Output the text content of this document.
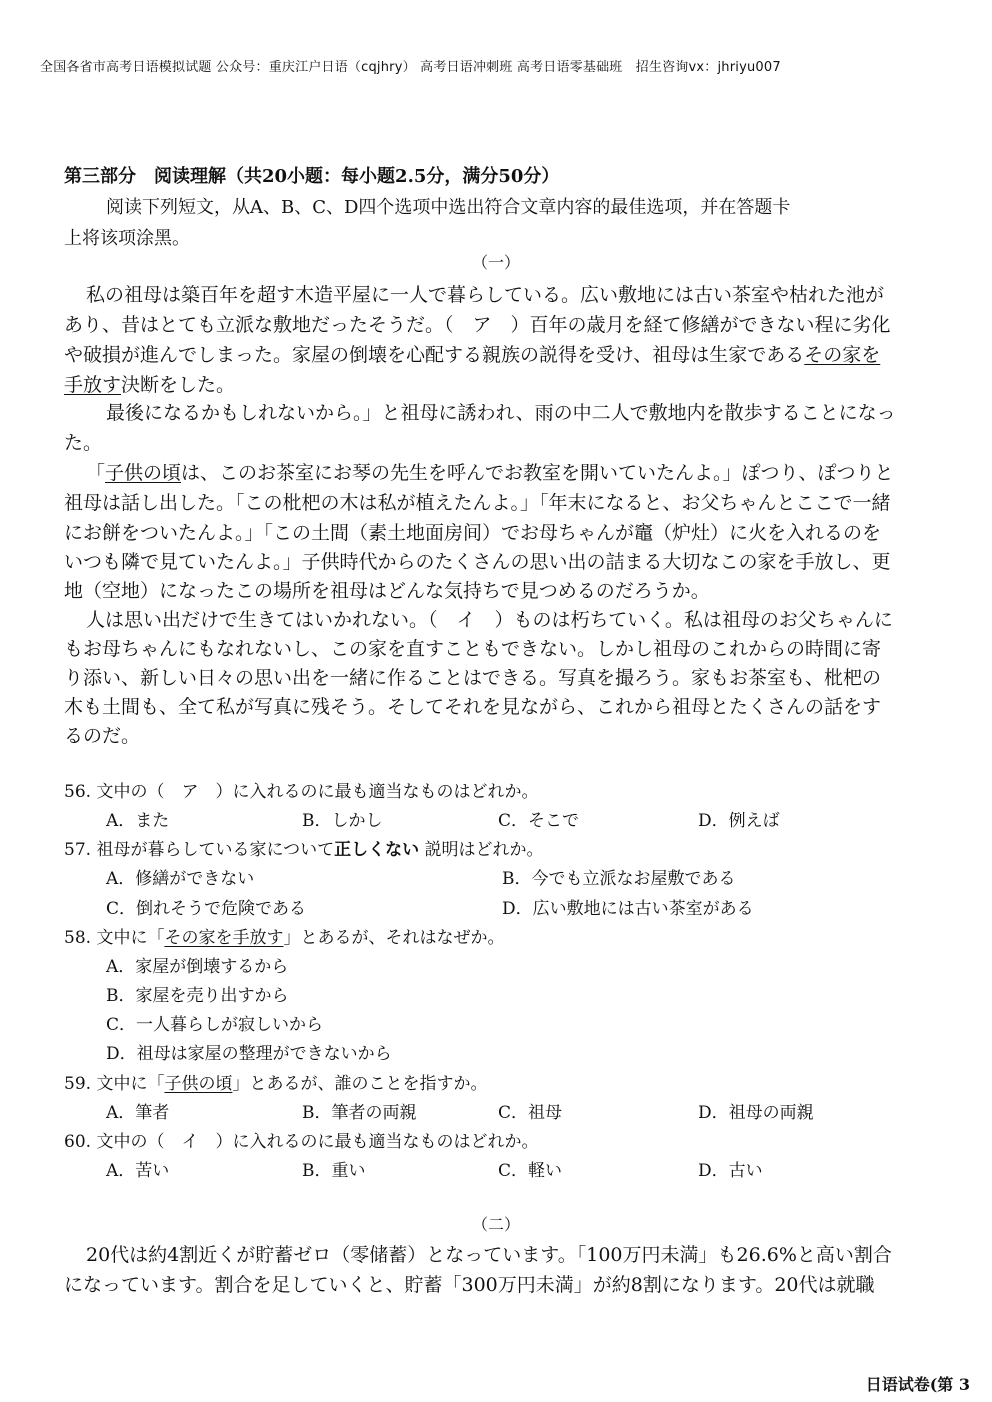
全国各省市高考日语模拟试题 公众号：重庆江户日语（cqjhry） 高考日语冲刺班 高考日语零基础班　招生咨询vx：jhriyu007
第三部分　阅读理解（共20小题：每小题2.5分，满分50分）
阅读下列短文，从A、B、C、D四个选项中选出符合文章内容的最佳选项，并在答题卡
上将该项涂黑。
（一）
私の祖母は築百年を超す木造平屋に一人で暮らしている。広い敷地には古い茶室や枯れた池が
あり、昔はとても立派な敷地だったそうだ。（　ア　）百年の歳月を経て修繕ができない程に劣化
や破損が進んでしまった。家屋の倒壊を心配する親族の説得を受け、祖母は生家であるその家を
手放す決断をした。
最後になるかもしれないから。」と祖母に誘われ、雨の中二人で敷地内を散歩することになっ
た。
「子供の頃は、このお茶室にお琴の先生を呼んでお教室を開いていたんよ。」ぽつり、ぽつりと
祖母は話し出した。「この枇杷の木は私が植えたんよ。」「年末になると、お父ちゃんとここで一緒
にお餅をついたんよ。」「この土間（素土地面房间）でお母ちゃんが竈（炉灶）に火を入れるのを
いつも隣で見ていたんよ。」子供時代からのたくさんの思い出の詰まる大切なこの家を手放し、更
地（空地）になったこの場所を祖母はどんな気持ちで見つめるのだろうか。
人は思い出だけで生きてはいかれない。（　イ　）ものは朽ちていく。私は祖母のお父ちゃんに
もお母ちゃんにもなれないし、この家を直すこともできない。しかし祖母のこれからの時間に寄
り添い、新しい日々の思い出を一緒に作ることはできる。写真を撮ろう。家もお茶室も、枇杷の
木も土間も、全て私が写真に残そう。そしてそれを見ながら、これから祖母とたくさんの話をす
るのだ。
56. 文中の（　ア　）に入れるのに最も適当なものはどれか。
A．また	B．しかし	C．そこで	D．例えば
57. 祖母が暮らしている家について正しくない 説明はどれか。
A．修繕ができない	B．今でも立派なお屋敷である
C．倒れそうで危険である	D．広い敷地には古い茶室がある
58. 文中に「その家を手放す」とあるが、それはなぜか。
A．家屋が倒壊するから
B．家屋を売り出すから
C．一人暮らしが寂しいから
D．祖母は家屋の整理ができないから
59. 文中に「子供の頃」とあるが、誰のことを指すか。
A．筆者	B．筆者の両親	C．祖母	D．祖母の両親
60. 文中の（　イ　）に入れるのに最も適当なものはどれか。
A．苦い	B．重い	C．軽い	D．古い
（二）
20代は約4割近くが貯蓄ゼロ（零储蓄）となっています。「100万円未満」も26.6%と高い割合
になっています。割合を足していくと、貯蓄「300万円未満」が約8割になります。20代は就職
日语试卷(第 3
